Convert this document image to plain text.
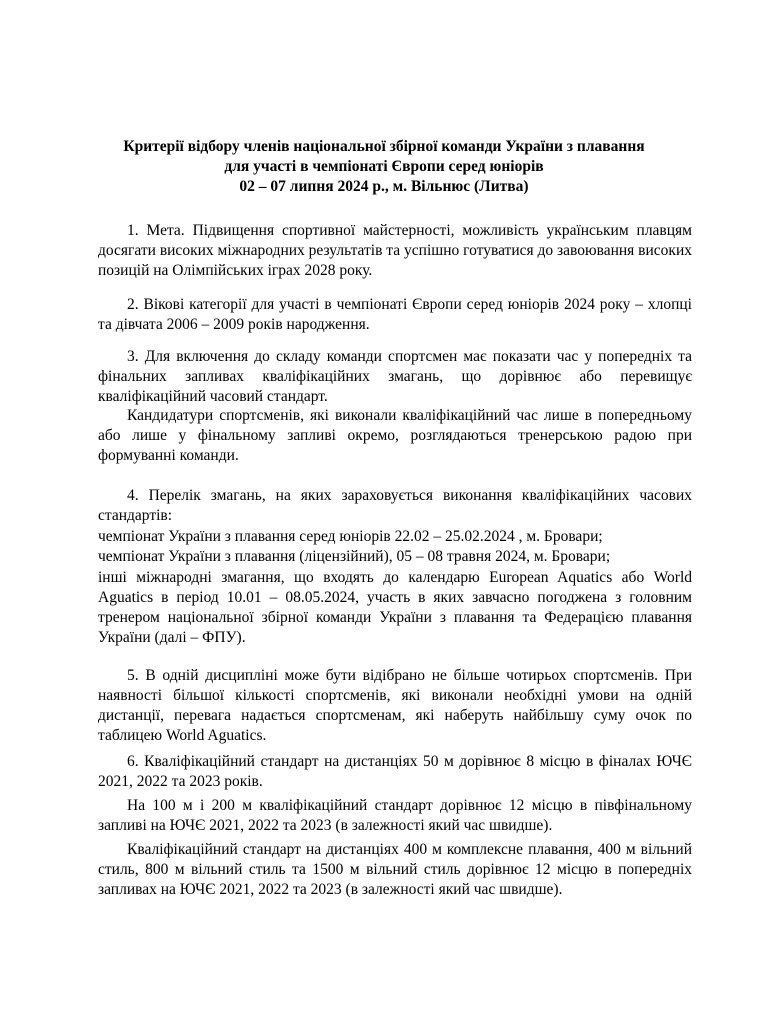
Критерії відбору членів національної збірної команди України з плавання
для участі в чемпіонаті Європи серед юніорів
02 – 07 липня 2024 р., м. Вільнюс (Литва)
1. Мета. Підвищення спортивної майстерності, можливість українським плавцям досягати високих міжнародних результатів та успішно готуватися до завоювання високих позицій на Олімпійських іграх 2028 року.
2. Вікові категорії для участі в чемпіонаті Європи серед юніорів 2024 року – хлопці та дівчата 2006 – 2009 років народження.
3. Для включення до складу команди спортсмен має показати час у попередніх та фінальних запливах кваліфікаційних змагань, що дорівнює або перевищує кваліфікаційний часовий стандарт.
Кандидатури спортсменів, які виконали кваліфікаційний час лише в попередньому або лише у фінальному запливі окремо, розглядаються тренерською радою при формуванні команди.
4. Перелік змагань, на яких зараховується виконання кваліфікаційних часових стандартів:
чемпіонат України з плавання серед юніорів 22.02 – 25.02.2024 , м. Бровари;
чемпіонат України з плавання (ліцензійний), 05 – 08 травня 2024, м. Бровари;
інші міжнародні змагання, що входять до календарю European Aquatics або World Aguatics в період 10.01 – 08.05.2024, участь в яких завчасно погоджена з головним тренером національної збірної команди України з плавання та Федерацією плавання України (далі – ФПУ).
5. В одній дисципліні може бути відібрано не більше чотирьох спортсменів. При наявності більшої кількості спортсменів, які виконали необхідні умови на одній дистанції, перевага надається спортсменам, які наберуть найбільшу суму очок по таблицею World Aguatics.
6. Кваліфікаційний стандарт на дистанціях 50 м дорівнює 8 місцю в фіналах ЮЧЄ 2021, 2022 та 2023 років.
На 100 м і 200 м кваліфікаційний стандарт дорівнює 12 місцю в півфінальному запливі на ЮЧЄ 2021, 2022 та 2023 (в залежності який час швидше).
Кваліфікаційний стандарт на дистанціях 400 м комплексне плавання, 400 м вільний стиль, 800 м вільний стиль та 1500 м вільний стиль дорівнює 12 місцю в попередніх запливах на ЮЧЄ 2021, 2022 та 2023 (в залежності який час швидше).
